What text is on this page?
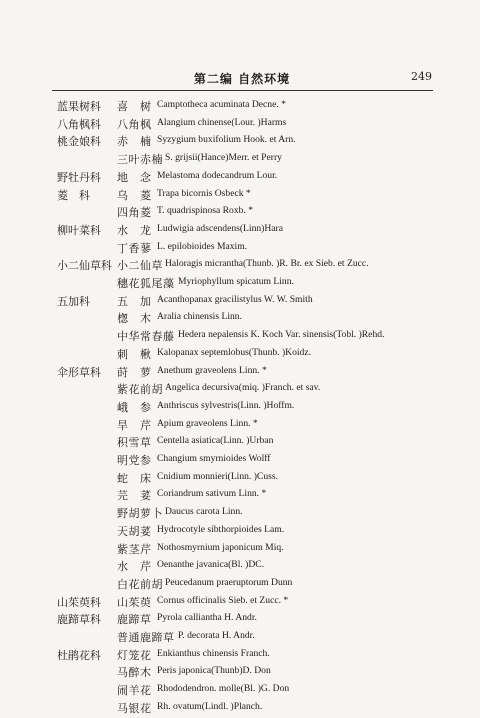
第二编 自然环境	249
蓝果树科 喜　树 Camptotheca acuminata Decne. *
八角枫科 八角枫 Alangium chinense(Lour. )Harms
桃金娘科 赤　楠 Syzygium buxifolium Hook. et Arn.
三叶赤楠 S. grijsii(Hance)Merr. et Perry
野牡丹科 地　念 Melastoma dodecandrum Lour.
菱　科 乌　菱 Trapa bicornis Osbeck *
四角菱 T. quadrispinosa Roxb. *
柳叶菜科 水　龙 Ludwigia adscendens(Linn)Hara
丁香蓼 L. epilobioides Maxim.
小二仙草科 小二仙草 Haloragis micrantha(Thunb. )R. Br. ex Sieb. et Zucc.
穗花狐尾藻 Myriophyllum spicatum Linn.
五加科 五　加 Acanthopanax gracilistylus W. W. Smith
楤　木 Aralia chinensis Linn.
中华常春藤 Hedera nepalensis K. Koch Var. sinensis(Tobl. )Rehd.
刺　楸 Kalopanax septemlobus(Thunb. )Koidz.
伞形草科 莳　萝 Anethum graveolens Linn. *
紫花前胡 Angelica decursiva(miq. )Franch. et sav.
峨　参 Anthriscus sylvestris(Linn. )Hoffm.
旱　芹 Apium graveolens Linn. *
积雪草 Centella asiatica(Linn. )Urban
明党参 Changium smyrnioides Wolff
蛇　床 Cnidium monnieri(Linn. )Cuss.
芫　荽 Coriandrum sativum Linn. *
野胡萝卜 Daucus carota Linn.
天胡荽 Hydrocotyle sibthorpioides Lam.
紫茎芹 Nothosmyrnium japonicum Miq.
水　芹 Oenanthe javanica(Bl. )DC.
白花前胡 Peucedanum praeruptorum Dunn
山茱萸科 山茱萸 Cornus officinalis Sieb. et Zucc. *
鹿蹄草科 鹿蹄草 Pyrola calliantha H. Andr.
普通鹿蹄草 P. decorata H. Andr.
杜鹃花科 灯笼花 Enkianthus chinensis Franch.
马醉木 Peris japonica(Thunb)D. Don
闹羊花 Rhododendron. molle(Bl. )G. Don
马银花 Rh. ovatum(Lindl. )Planch.
